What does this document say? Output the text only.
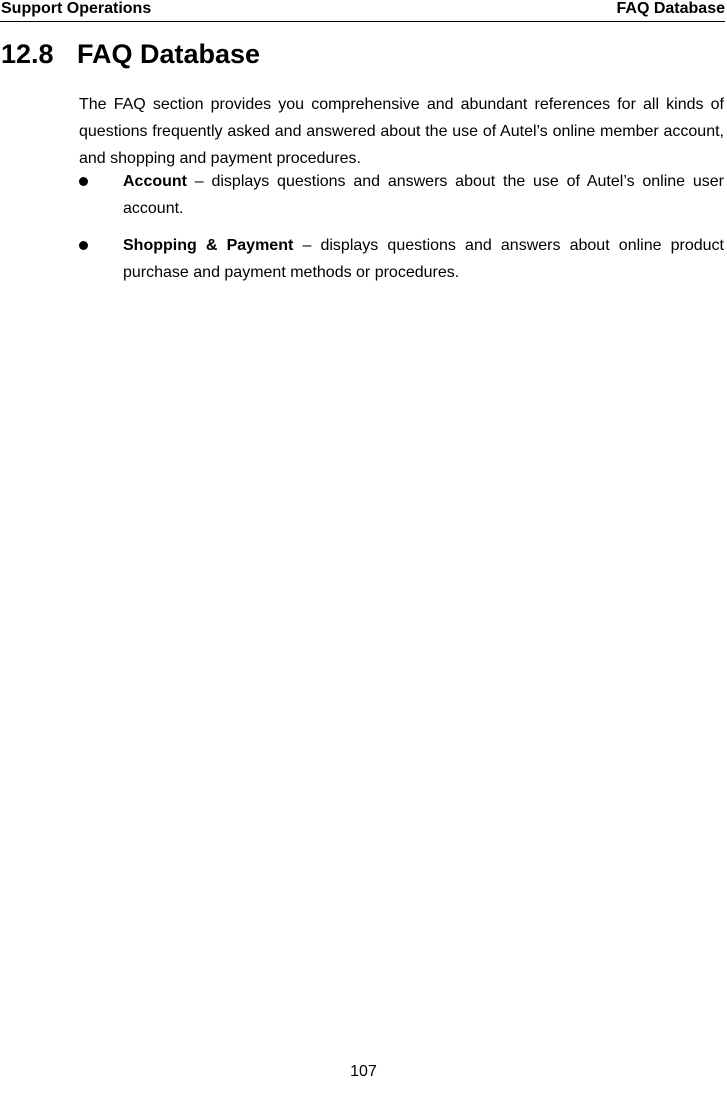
Support Operations	FAQ Database
12.8 FAQ Database

The FAQ section provides you comprehensive and abundant references for all kinds of questions frequently asked and answered about the use of Autel’s online member account, and shopping and payment procedures.

Account – displays questions and answers about the use of Autel’s online user account.
Shopping & Payment – displays questions and answers about online product purchase and payment methods or procedures.
107
